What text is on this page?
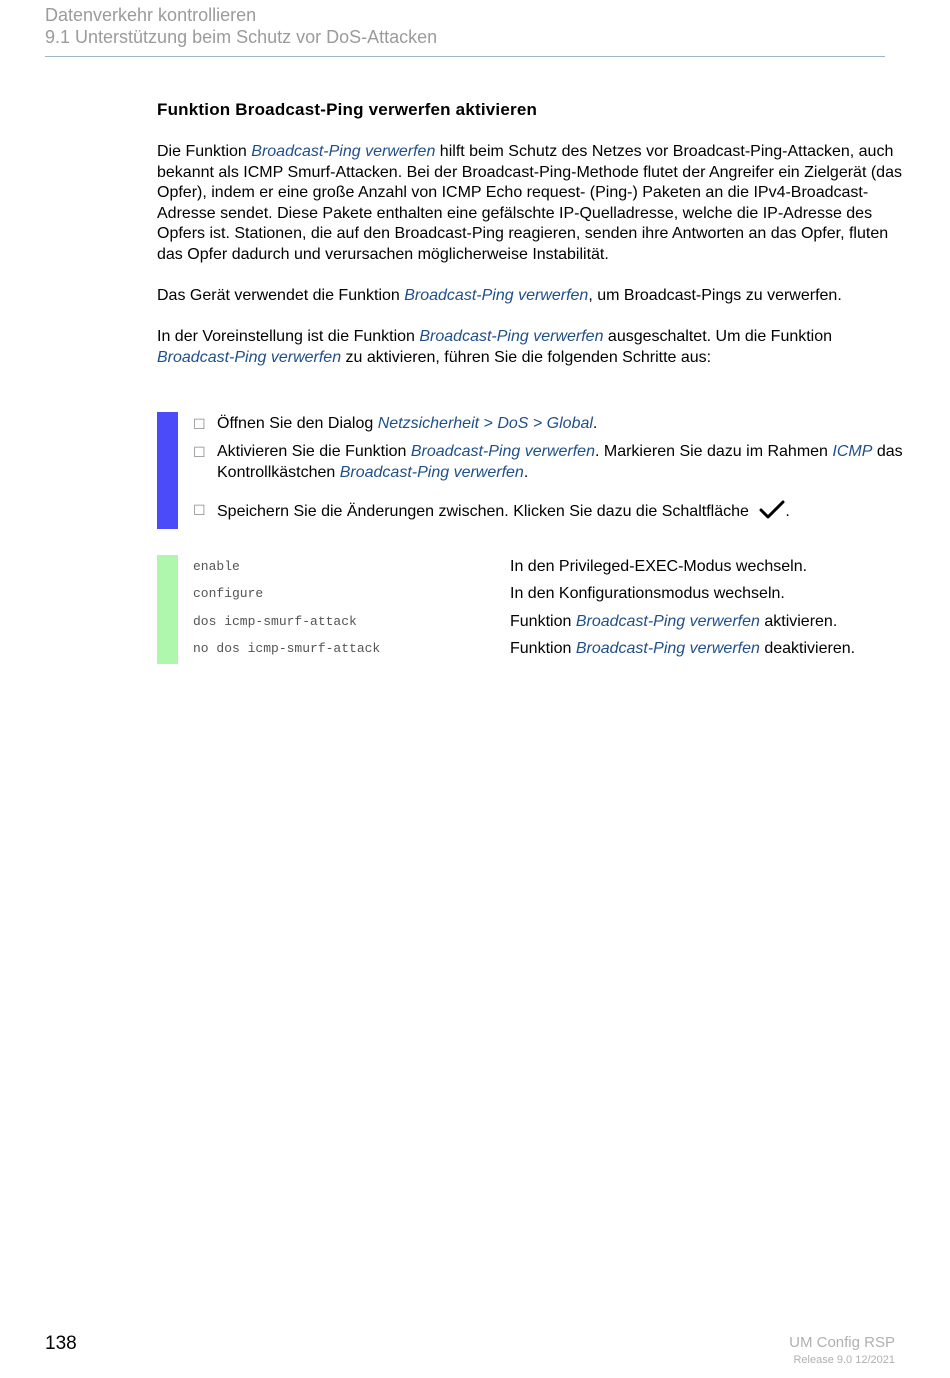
Datenverkehr kontrollieren
9.1 Unterstützung beim Schutz vor DoS-Attacken
Funktion Broadcast-Ping verwerfen aktivieren

Die Funktion Broadcast-Ping verwerfen hilft beim Schutz des Netzes vor Broadcast-Ping-Attacken, auch bekannt als ICMP Smurf-Attacken. Bei der Broadcast-Ping-Methode flutet der Angreifer ein Zielgerät (das Opfer), indem er eine große Anzahl von ICMP Echo request- (Ping-) Paketen an die IPv4-Broadcast-Adresse sendet. Diese Pakete enthalten eine gefälschte IP-Quelladresse, welche die IP-Adresse des Opfers ist. Stationen, die auf den Broadcast-Ping reagieren, senden ihre Antworten an das Opfer, fluten das Opfer dadurch und verursachen möglicherweise Instabilität.

Das Gerät verwendet die Funktion Broadcast-Ping verwerfen, um Broadcast-Pings zu verwerfen.

In der Voreinstellung ist die Funktion Broadcast-Ping verwerfen ausgeschaltet. Um die Funktion Broadcast-Ping verwerfen zu aktivieren, führen Sie die folgenden Schritte aus:

☐ Öffnen Sie den Dialog Netzsicherheit > DoS > Global.
☐ Aktivieren Sie die Funktion Broadcast-Ping verwerfen. Markieren Sie dazu im Rahmen ICMP das Kontrollkästchen Broadcast-Ping verwerfen.
☐ Speichern Sie die Änderungen zwischen. Klicken Sie dazu die Schaltfläche .
enable	In den Privileged-EXEC-Modus wechseln.
configure	In den Konfigurationsmodus wechseln.
dos icmp-smurf-attack	Funktion Broadcast-Ping verwerfen aktivieren.
no dos icmp-smurf-attack	Funktion Broadcast-Ping verwerfen deaktivieren.
138	UM Config RSP
Release 9.0 12/2021
